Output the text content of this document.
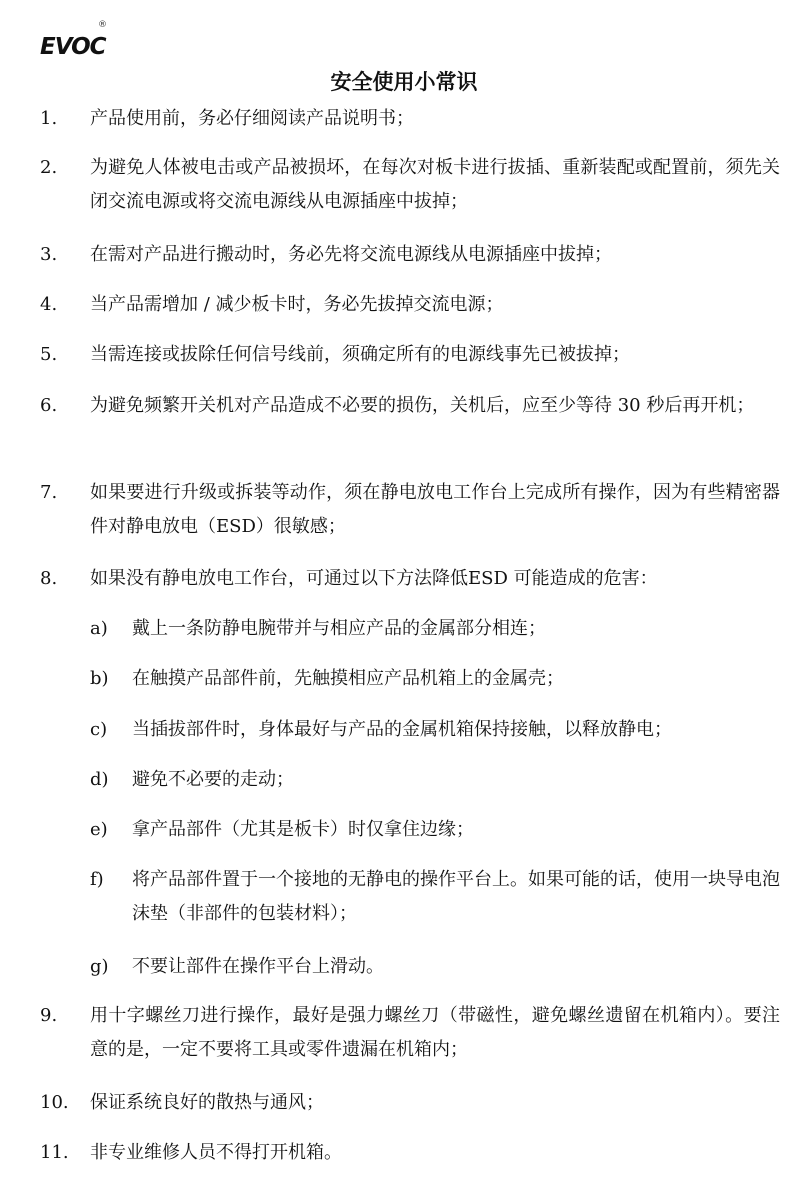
EVOC
®
安全使用小常识
1.	产品使用前，务必仔细阅读产品说明书；
2.	为避免人体被电击或产品被损坏，在每次对板卡进行拔插、重新装配或配置前，须先关闭交流电源或将交流电源线从电源插座中拔掉；
3.	在需对产品进行搬动时，务必先将交流电源线从电源插座中拔掉；
4.	当产品需增加 / 减少板卡时，务必先拔掉交流电源；
5.	当需连接或拔除任何信号线前，须确定所有的电源线事先已被拔掉；
6.	为避免频繁开关机对产品造成不必要的损伤，关机后，应至少等待 30 秒后再开机；
7.	如果要进行升级或拆装等动作，须在静电放电工作台上完成所有操作，因为有些精密器件对静电放电（ESD）很敏感；
8.	如果没有静电放电工作台，可通过以下方法降低ESD 可能造成的危害：
a)	戴上一条防静电腕带并与相应产品的金属部分相连；
b)	在触摸产品部件前，先触摸相应产品机箱上的金属壳；
c)	当插拔部件时，身体最好与产品的金属机箱保持接触，以释放静电；
d)	避免不必要的走动；
e)	拿产品部件（尤其是板卡）时仅拿住边缘；
f)	将产品部件置于一个接地的无静电的操作平台上。如果可能的话，使用一块导电泡沫垫（非部件的包装材料）；
g)	不要让部件在操作平台上滑动。
9.	用十字螺丝刀进行操作，最好是强力螺丝刀（带磁性，避免螺丝遗留在机箱内）。要注意的是，一定不要将工具或零件遗漏在机箱内；
10.	保证系统良好的散热与通风；
11.	非专业维修人员不得打开机箱。
